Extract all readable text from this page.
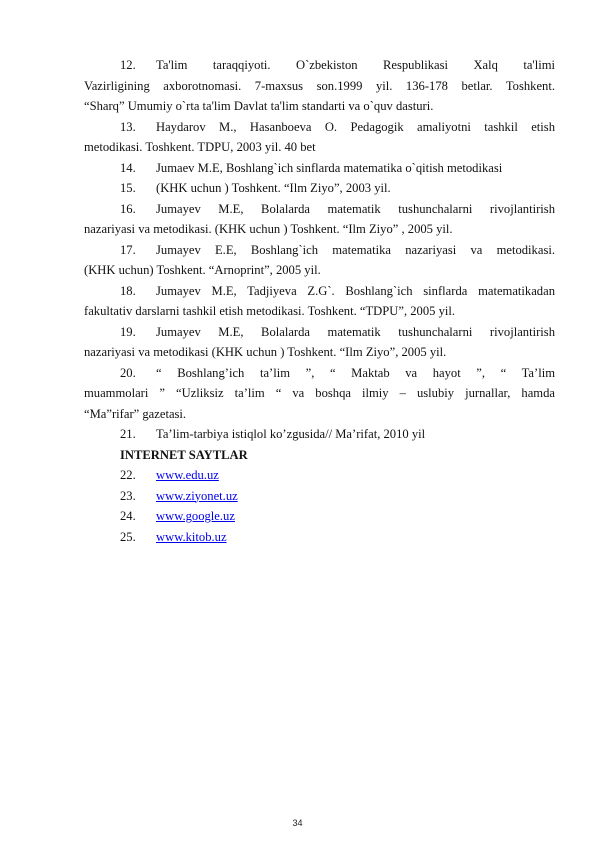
12.	Ta'lim taraqqiyoti. O`zbekiston Respublikasi Xalq ta'limi
Vazirligining axborotnomasi. 7-maxsus son.1999 yil. 136-178 betlar. Toshkent.
“Sharq” Umumiy o`rta ta'lim Davlat ta'lim standarti va o`quv dasturi.
13.	Haydarov M., Hasanboeva O. Pedagogik amaliyotni tashkil etish
metodikasi. Toshkent. TDPU, 2003 yil. 40 bet
14.	Jumaev M.E, Boshlang`ich sinflarda matematika o`qitish metodikasi
15.	(KHK uchun ) Toshkent. “Ilm Ziyo”, 2003 yil.
16.	Jumayev M.E, Bolalarda matematik tushunchalarni rivojlantirish
nazariyasi va metodikasi. (KHK uchun ) Toshkent. “Ilm Ziyo” , 2005 yil.
17.	Jumayev E.E, Boshlang`ich matematika nazariyasi va metodikasi.
(KHK uchun) Toshkent. “Arnoprint”, 2005 yil.
18.	Jumayev M.E, Tadjiyeva Z.G`. Boshlang`ich sinflarda matematikadan
fakultativ darslarni tashkil etish metodikasi. Toshkent. “TDPU”, 2005 yil.
19.	Jumayev M.E, Bolalarda matematik tushunchalarni rivojlantirish
nazariyasi va metodikasi (KHK uchun ) Toshkent. “Ilm Ziyo”, 2005 yil.
20.	“ Boshlang’ich ta’lim ”, “ Maktab va hayot ”, “ Ta’lim
muammolari ” “Uzliksiz ta’lim “ va boshqa ilmiy – uslubiy jurnallar, hamda
“Ma”rifar” gazetasi.
21.	Ta’lim-tarbiya istiqlol ko’zgusida// Ma’rifat, 2010 yil
INTERNET SAYTLAR
22.	www.edu.uz
23.	www.ziyonet.uz
24.	www.google.uz
25.	www.kitob.uz
34
